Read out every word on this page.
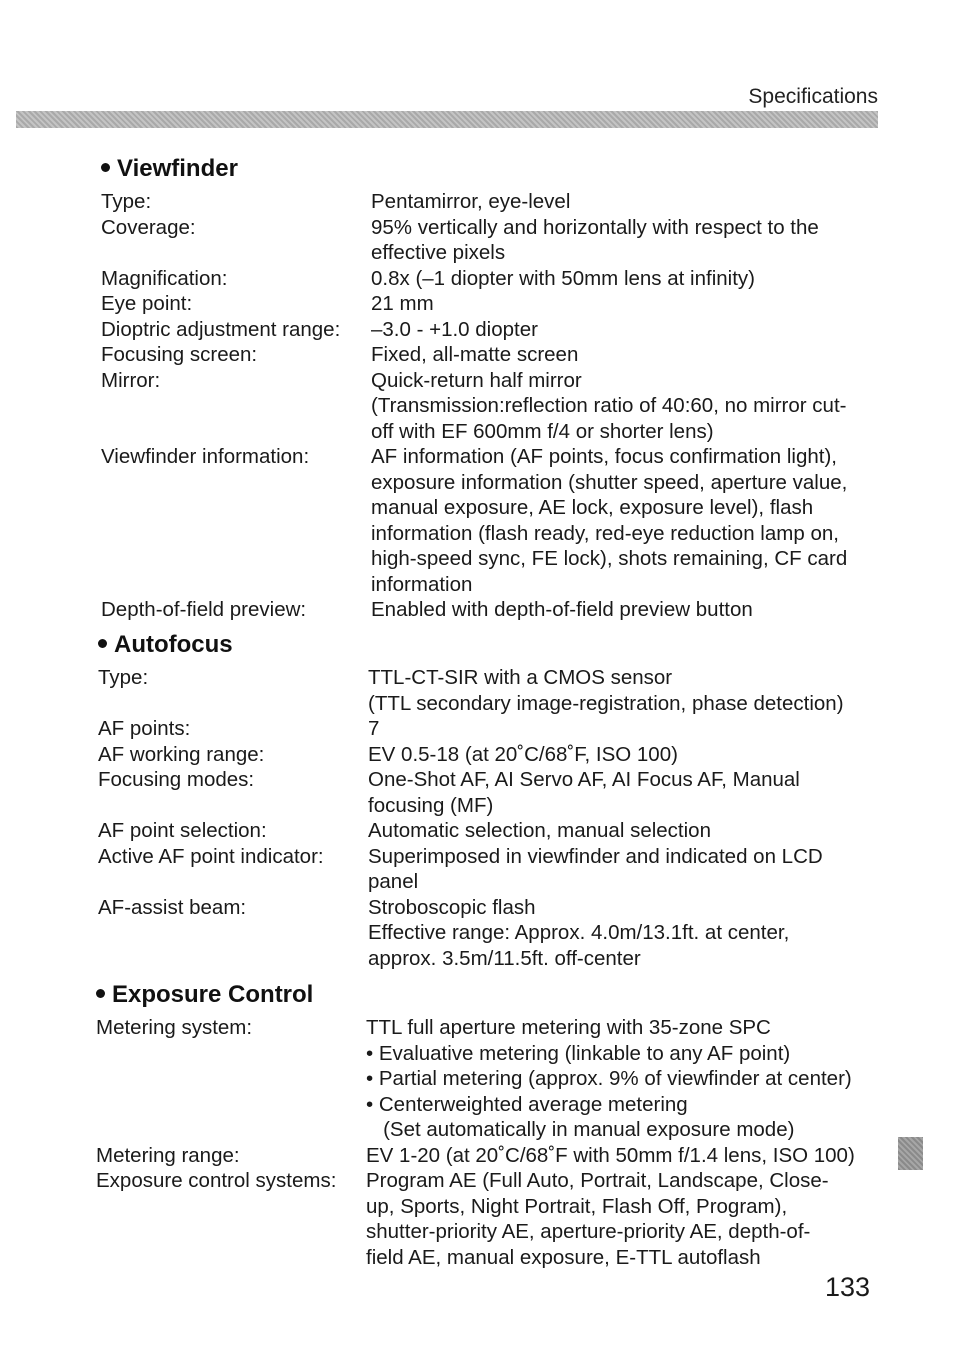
Specifications
Viewfinder
Type:	Pentamirror, eye-level
Coverage:	95% vertically and horizontally with respect to the
effective pixels
Magnification:	0.8x (–1 diopter with 50mm lens at infinity)
Eye point:	21 mm
Dioptric adjustment range:	–3.0 - +1.0 diopter
Focusing screen:	Fixed, all-matte screen
Mirror:	Quick-return half mirror
(Transmission:reflection ratio of 40:60, no mirror cut-
off with EF 600mm f/4 or shorter lens)
Viewfinder information:	AF information (AF points, focus confirmation light),
exposure information (shutter speed, aperture value,
manual exposure, AE lock, exposure level), flash
information (flash ready, red-eye reduction lamp on,
high-speed sync, FE lock), shots remaining, CF card
information
Depth-of-field preview:	Enabled with depth-of-field preview button
Autofocus
Type:	TTL-CT-SIR with a CMOS sensor
(TTL secondary image-registration, phase detection)
AF points:	7
AF working range:	EV 0.5-18 (at 20˚C/68˚F, ISO 100)
Focusing modes:	One-Shot AF, AI Servo AF, AI Focus AF, Manual
focusing (MF)
AF point selection:	Automatic selection, manual selection
Active AF point indicator:	Superimposed in viewfinder and indicated on LCD
panel
AF-assist beam:	Stroboscopic flash
Effective range: Approx. 4.0m/13.1ft. at center,
approx. 3.5m/11.5ft. off-center
Exposure Control
Metering system:	TTL full aperture metering with 35-zone SPC
• Evaluative metering (linkable to any AF point)
• Partial metering (approx. 9% of viewfinder at center)
• Centerweighted average metering
(Set automatically in manual exposure mode)
Metering range:	EV 1-20 (at 20˚C/68˚F with 50mm f/1.4 lens, ISO 100)
Exposure control systems:	Program AE (Full Auto, Portrait, Landscape, Close-
up, Sports, Night Portrait, Flash Off, Program),
shutter-priority AE, aperture-priority AE, depth-of-
field AE, manual exposure, E-TTL autoflash
133
